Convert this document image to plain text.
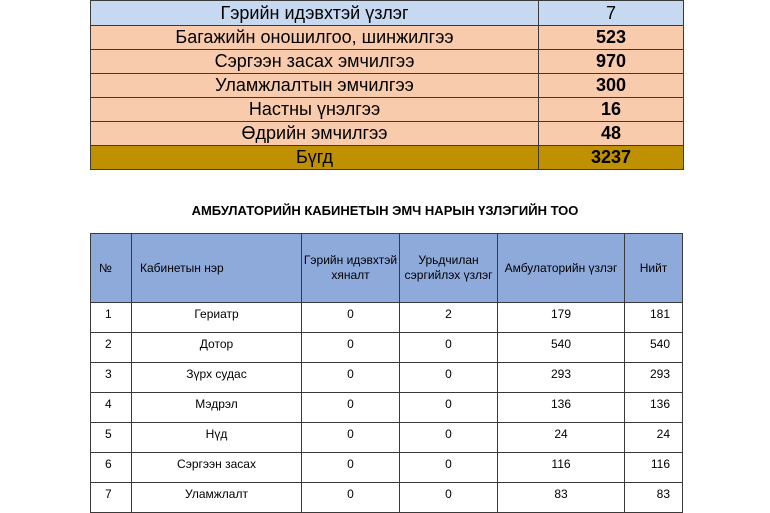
Гэрийн идэвхтэй үзлэг	7
Багажийн оношилгоо, шинжилгээ	523
Сэргээн засах эмчилгээ	970
Уламжлалтын эмчилгээ	300
Настны үнэлгээ	16
Өдрийн эмчилгээ	48
Бүгд	3237
АМБУЛАТОРИЙН КАБИНЕТЫН ЭМЧ НАРЫН ҮЗЛЭГИЙН ТОО
№	Кабинетын нэр	Гэрийн идэвхтэй хяналт	Урьдчилан сэргийлэх үзлэг	Амбулаторийн үзлэг	Нийт
1	Гериатр	0	2	179	181
2	Дотор	0	0	540	540
3	Зүрх судас	0	0	293	293
4	Мэдрэл	0	0	136	136
5	Нүд	0	0	24	24
6	Сэргээн засах	0	0	116	116
7	Уламжлалт	0	0	83	83
